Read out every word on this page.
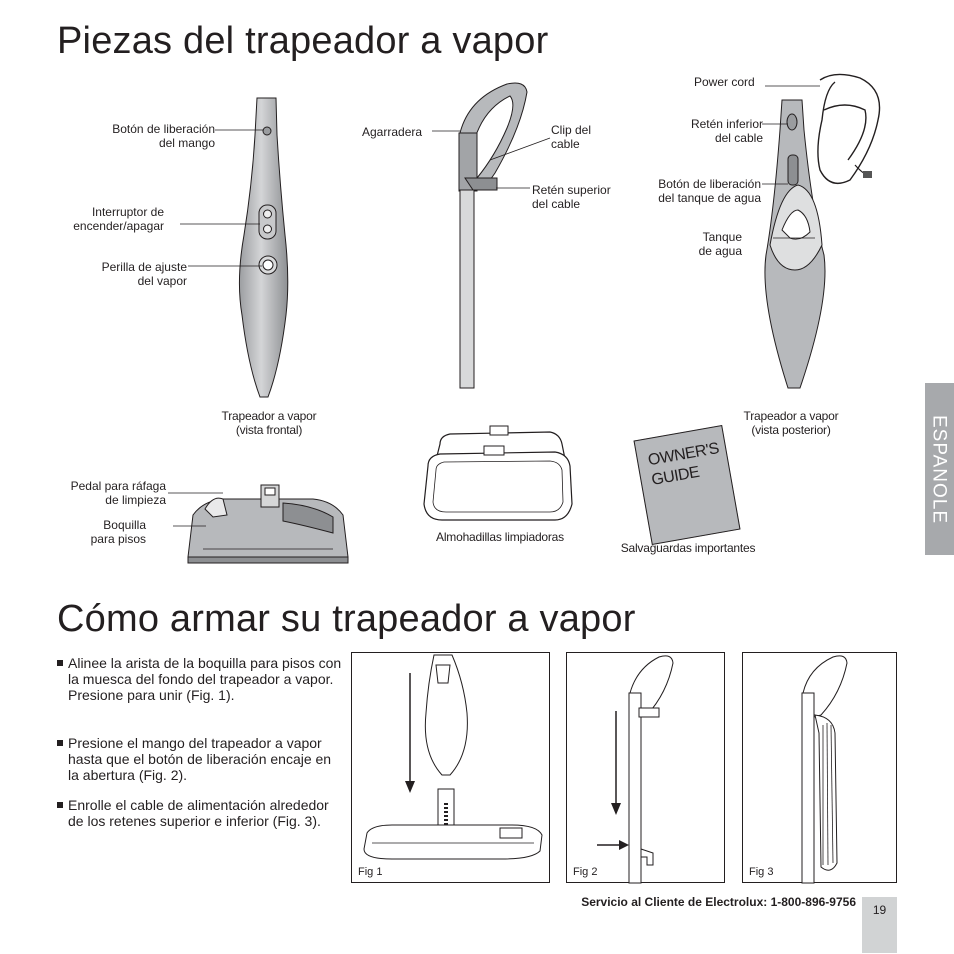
Piezas del trapeador a vapor
Cómo armar su trapeador a vapor
ESPANOLE
Botón de liberación
del mango
Interruptor de
encender/apagar
Perilla de ajuste
del vapor
Trapeador a vapor
(vista frontal)
Agarradera	Clip del
cable
Retén superior
del cable
Power cord
Retén inferior
del cable
Botón de liberación
del tanque de agua
Tanque
de agua
Trapeador a vapor
(vista posterior)
Pedal para ráfaga
de limpieza
Boquilla
para pisos	Almohadillas limpiadoras
OWNER'S
GUIDE
Salvaguardas importantes
Alinee la arista de la boquilla para pisos con la muesca del fondo del trapeador a vapor. Presione para unir (Fig. 1).
Presione el mango del trapeador a vapor hasta que el botón de liberación encaje en la abertura (Fig. 2).
Enrolle el cable de alimentación alrededor de los retenes superior e inferior (Fig. 3).
Fig 1	Fig 2	Fig 3
Servicio al Cliente de Electrolux: 1-800-896-9756
19
